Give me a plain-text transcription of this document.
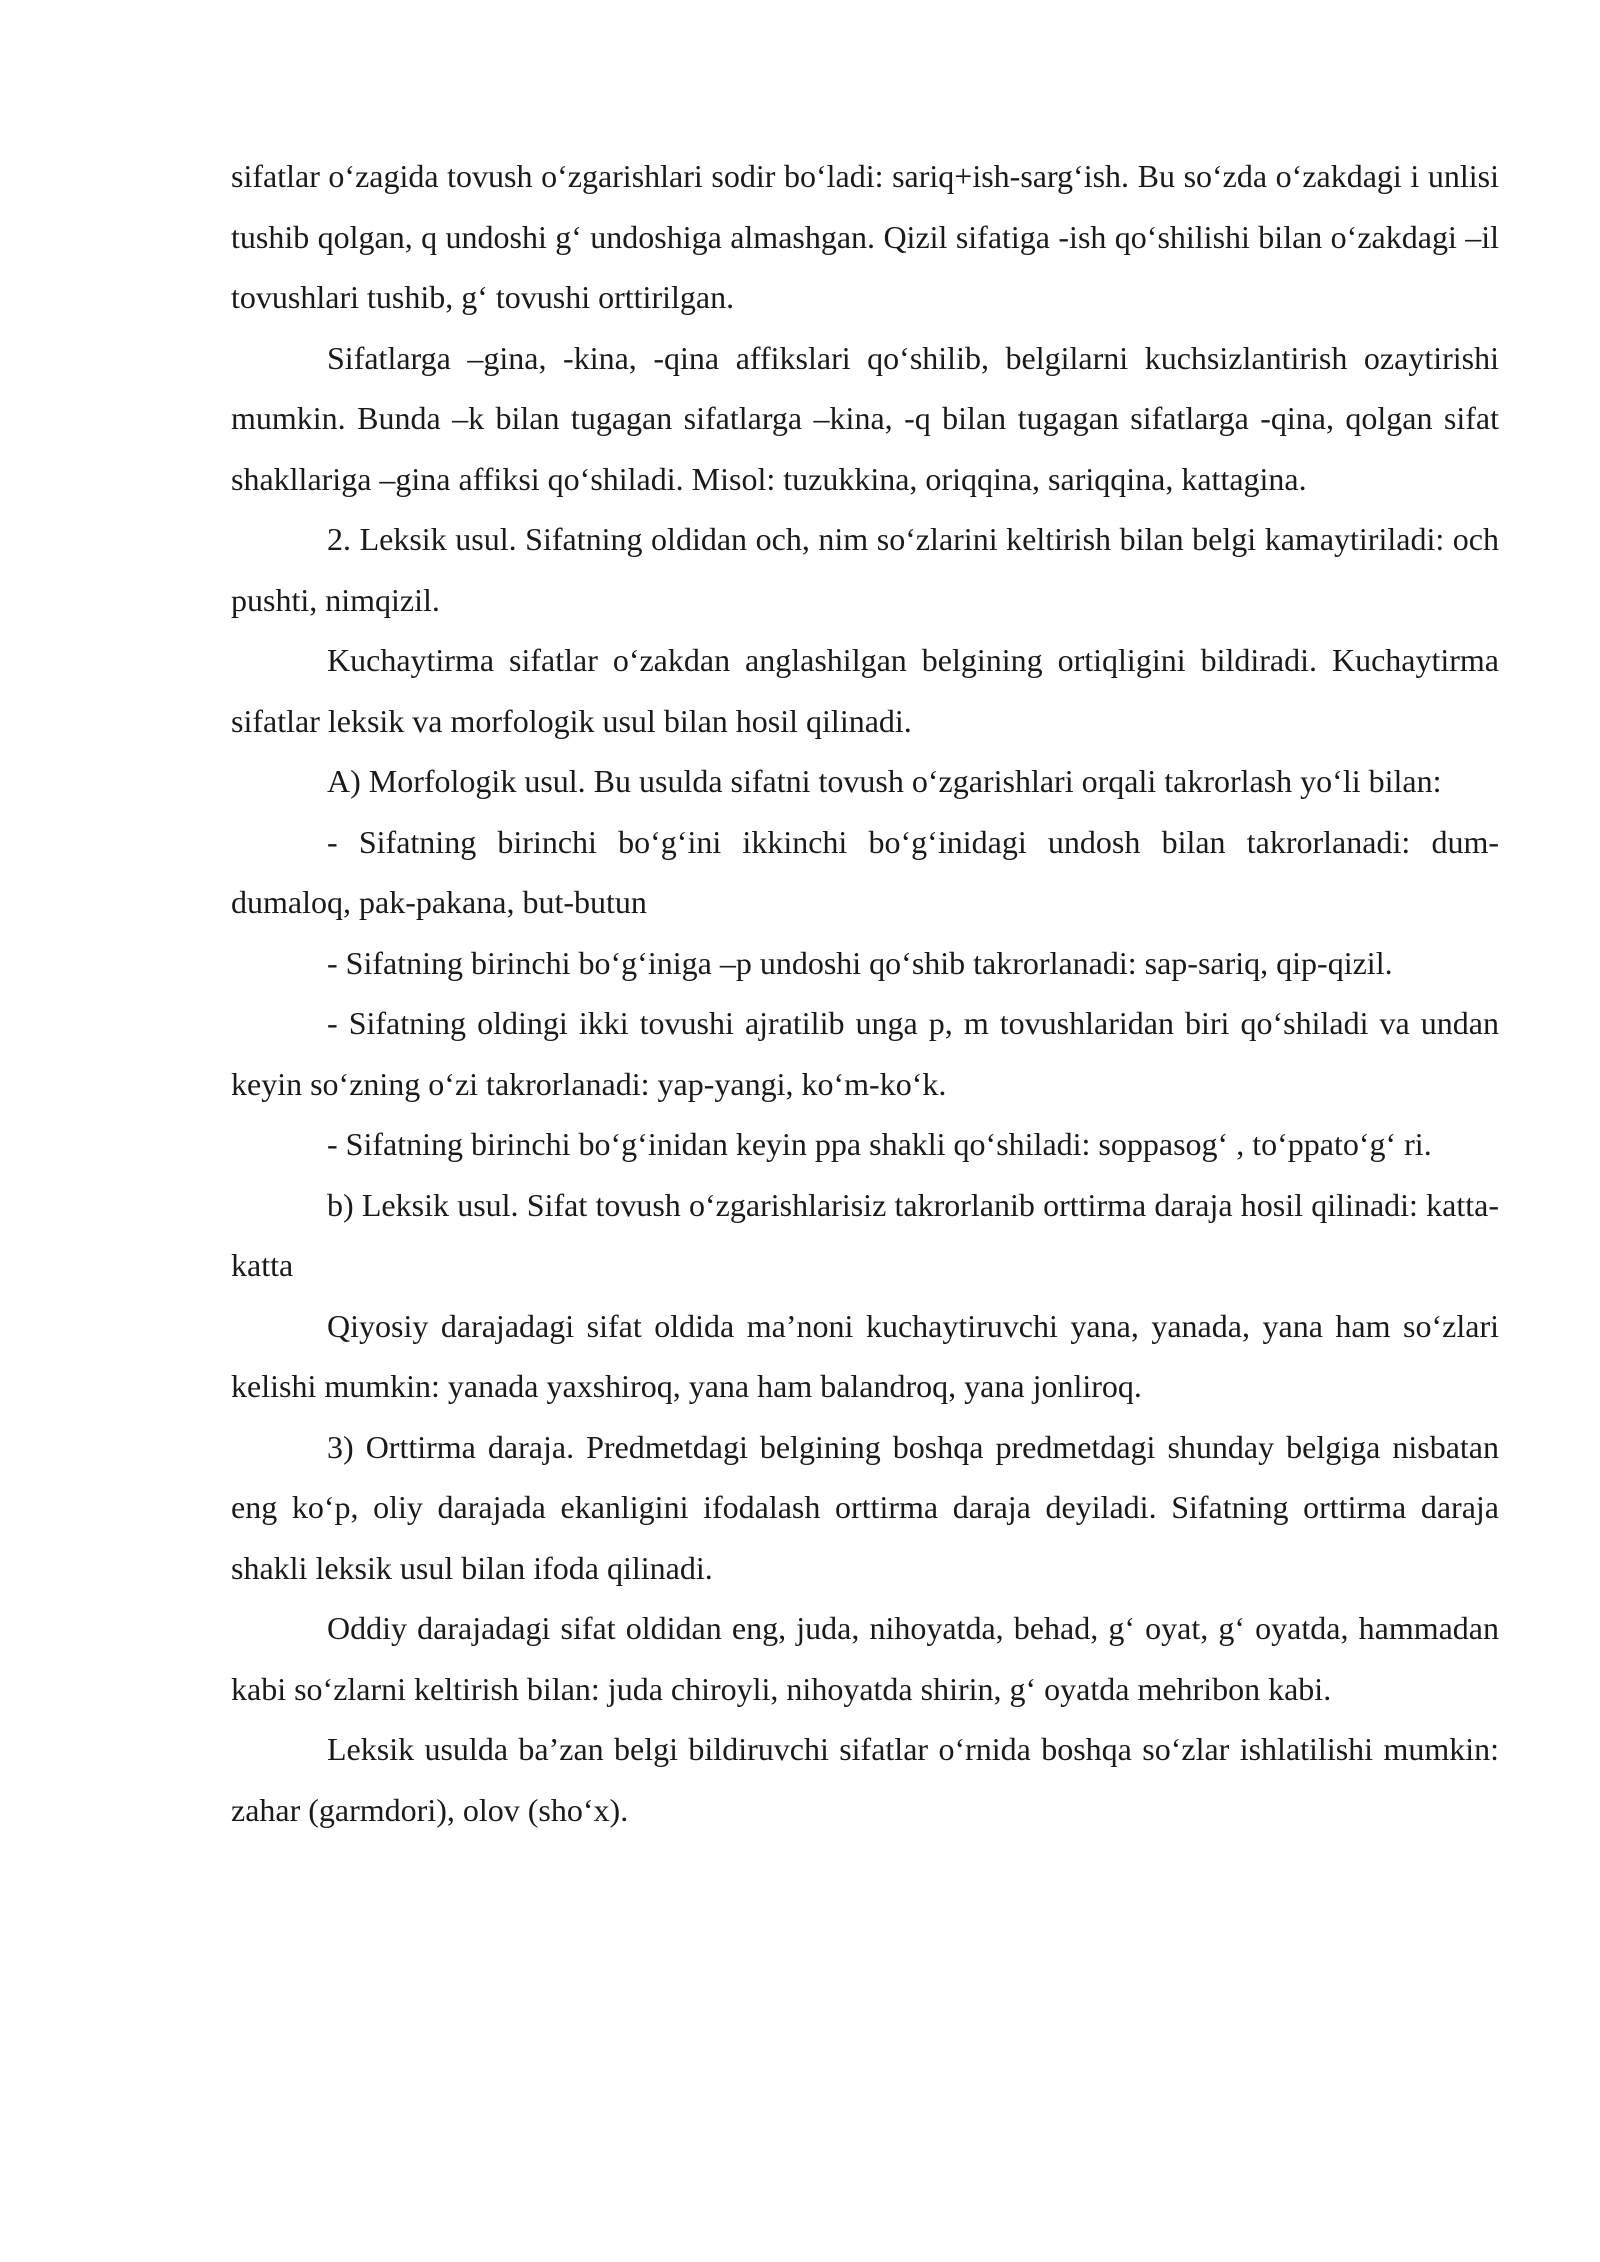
sifatlar o‘zagida tovush o‘zgarishlari sodir bo‘ladi: sariq+ish-sarg‘ish. Bu so‘zda o‘zakdagi i unlisi tushib qolgan, q undoshi g‘ undoshiga almashgan. Qizil sifatiga -ish qo‘shilishi bilan o‘zakdagi –il tovushlari tushib, g‘ tovushi orttirilgan.

Sifatlarga –gina, -kina, -qina affikslari qo‘shilib, belgilarni kuchsizlantirish ozaytirishi mumkin. Bunda –k bilan tugagan sifatlarga –kina, -q bilan tugagan sifatlarga -qina, qolgan sifat shakllariga –gina affiksi qo‘shiladi. Misol: tuzukkina, oriqqina, sariqqina, kattagina.

2. Leksik usul. Sifatning oldidan och, nim so‘zlarini keltirish bilan belgi kamaytiriladi: och pushti, nimqizil.

Kuchaytirma sifatlar o‘zakdan anglashilgan belgining ortiqligini bildiradi. Kuchaytirma sifatlar leksik va morfologik usul bilan hosil qilinadi.

A) Morfologik usul. Bu usulda sifatni tovush o‘zgarishlari orqali takrorlash yo‘li bilan:

- Sifatning birinchi bo‘g‘ini ikkinchi bo‘g‘inidagi undosh bilan takrorlanadi: dum-dumaloq, pak-pakana, but-butun

- Sifatning birinchi bo‘g‘iniga –p undoshi qo‘shib takrorlanadi: sap-sariq, qip-qizil.

- Sifatning oldingi ikki tovushi ajratilib unga p, m tovushlaridan biri qo‘shiladi va undan keyin so‘zning o‘zi takrorlanadi: yap-yangi, ko‘m-ko‘k.

- Sifatning birinchi bo‘g‘inidan keyin ppa shakli qo‘shiladi: soppasog‘ , to‘ppato‘g‘ ri.

b) Leksik usul. Sifat tovush o‘zgarishlarisiz takrorlanib orttirma daraja hosil qilinadi: katta-katta

Qiyosiy darajadagi sifat oldida ma’noni kuchaytiruvchi yana, yanada, yana ham so‘zlari kelishi mumkin: yanada yaxshiroq, yana ham balandroq, yana jonliroq.

3) Orttirma daraja. Predmetdagi belgining boshqa predmetdagi shunday belgiga nisbatan eng ko‘p, oliy darajada ekanligini ifodalash orttirma daraja deyiladi. Sifatning orttirma daraja shakli leksik usul bilan ifoda qilinadi.

Oddiy darajadagi sifat oldidan eng, juda, nihoyatda, behad, g‘ oyat, g‘ oyatda, hammadan kabi so‘zlarni keltirish bilan: juda chiroyli, nihoyatda shirin, g‘ oyatda mehribon kabi.

Leksik usulda ba’zan belgi bildiruvchi sifatlar o‘rnida boshqa so‘zlar ishlatilishi mumkin: zahar (garmdori), olov (sho‘x).
